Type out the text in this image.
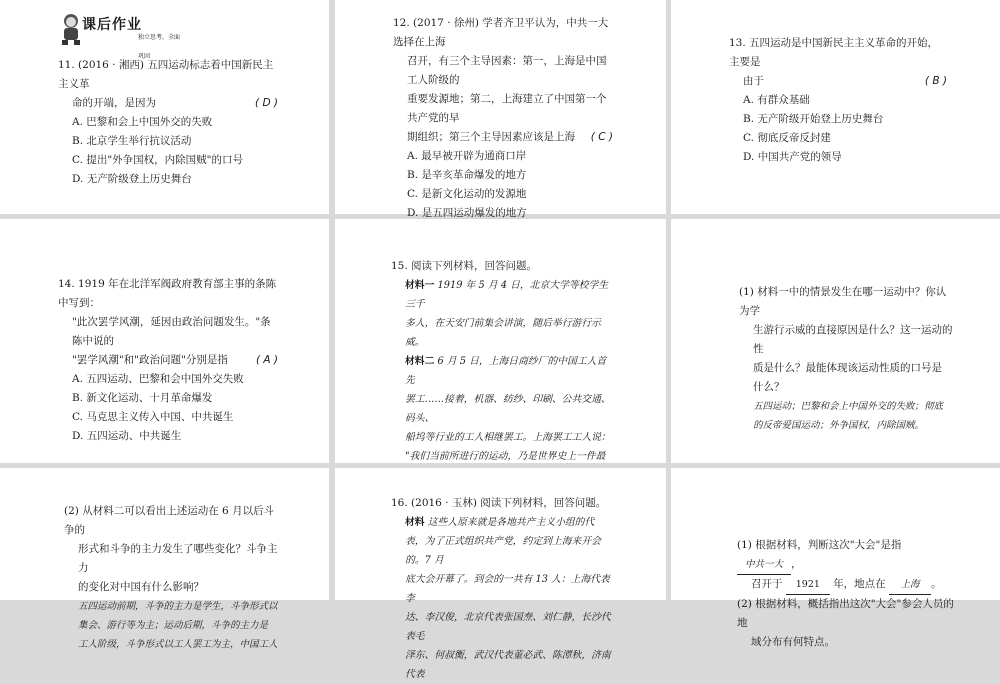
课后作业
独立思考，全面巩固
11. (2016 · 湘西) 五四运动标志着中国新民主主义革
命的开端，是因为	( D )
A. 巴黎和会上中国外交的失败
B. 北京学生举行抗议活动
C. 提出"外争国权，内除国贼"的口号
D. 无产阶级登上历史舞台
12. (2017 · 徐州) 学者齐卫平认为，中共一大选择在上海
召开，有三个主导因素：第一，上海是中国工人阶级的
重要发源地；第二，上海建立了中国第一个共产党的早
期组织；第三个主导因素应该是上海 ( C )
A. 最早被开辟为通商口岸
B. 是辛亥革命爆发的地方
C. 是新文化运动的发源地
D. 是五四运动爆发的地方
13. 五四运动是中国新民主主义革命的开始，主要是
由于	( B )
A. 有群众基础
B. 无产阶级开始登上历史舞台
C. 彻底反帝反封建
D. 中国共产党的领导
14. 1919 年在北洋军阀政府教育部主事的条陈中写到：
"此次罢学风潮，延因由政治问题发生。"条陈中说的
"罢学风潮"和"政治问题"分别是指	( A )
A. 五四运动、巴黎和会中国外交失败
B. 新文化运动、十月革命爆发
C. 马克思主义传入中国、中共诞生
D. 五四运动、中共诞生
15. 阅读下列材料，回答问题。
材料一 1919 年 5 月 4 日，北京大学等校学生三千
多人，在天安门前集会讲演，随后举行游行示威。
材料二 6 月 5 日，上海日商纱厂的中国工人首先
罢工……接着，机器、纺纱、印刷、公共交通、码头、
船坞等行业的工人相继罢工。上海罢工工人说：
"我们当前所进行的运动，乃是世界史上一件最
(1) 材料一中的情景发生在哪一运动中？你认为学
生游行示威的直接原因是什么？这一运动的性
质是什么？最能体现该运动性质的口号是
什么？
五四运动；巴黎和会上中国外交的失败；彻底
的反帝爱国运动；外争国权，内除国贼。
(2) 从材料二可以看出上述运动在 6 月以后斗争的
形式和斗争的主力发生了哪些变化？斗争主力
的变化对中国有什么影响？
五四运动前期，斗争的主力是学生，斗争形式以
集会、游行等为主；运动后期，斗争的主力是
工人阶级，斗争形式以工人罢工为主，中国工人
16. (2016 · 玉林) 阅读下列材料，回答问题。
材料 这些人原来就是各地共产主义小组的代
表，为了正式组织共产党，约定到上海来开会的。7 月
底大会开幕了。到会的一共有 13 人：上海代表李
达、李汉俊，北京代表张国焘、刘仁静，长沙代表毛
泽东、何叔衡，武汉代表董必武、陈潭秋，济南代表
(1) 根据材料，判断这次"大会"是指 中共一大 ，
召开于 1921 年，地点在 上海 。
(2) 根据材料，概括指出这次"大会"参会人员的地
域分布有何特点。
